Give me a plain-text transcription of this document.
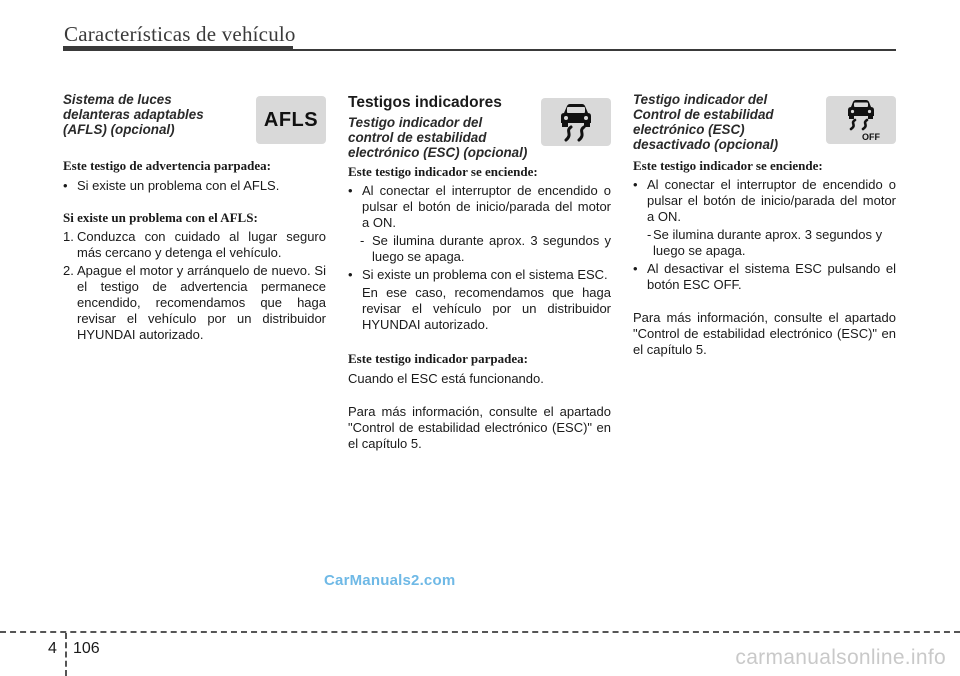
Características de vehículo

Sistema de luces
delanteras adaptables
(AFLS) (opcional)	AFLS

Este testigo de advertencia parpadea:

• Si existe un problema con el AFLS.

Si existe un problema con el AFLS:

1. Conduzca con cuidado al lugar seguro más cercano y detenga el vehículo.
2. Apague el motor y arránquelo de nuevo. Si el testigo de advertencia permanece encendido, recomendamos que haga revisar el vehículo por un distribuidor HYUNDAI autorizado.

Testigos indicadores

Testigo indicador del
control de estabilidad
electrónico (ESC) (opcional)

Este testigo indicador se enciende:

• Al conectar el interruptor de encendido o pulsar el botón de inicio/parada del motor a ON.
- Se ilumina durante aprox. 3 segundos y luego se apaga.
• Si existe un problema con el sistema ESC.
En ese caso, recomendamos que haga revisar el vehículo por un distribuidor HYUNDAI autorizado.

Este testigo indicador parpadea:

Cuando el ESC está funcionando.

Para más información, consulte el apartado "Control de estabilidad electrónico (ESC)" en el capítulo 5.

Testigo indicador del
Control de estabilidad
electrónico (ESC)
desactivado (opcional)	OFF

Este testigo indicador se enciende:

• Al conectar el interruptor de encendido o pulsar el botón de inicio/parada del motor a ON.
- Se ilumina durante aprox. 3 segundos y luego se apaga.
• Al desactivar el sistema ESC pulsando el botón ESC OFF.

Para más información, consulte el apartado "Control de estabilidad electrónico (ESC)" en el capítulo 5.

CarManuals2.com
4 106	carmanualsonline.info
